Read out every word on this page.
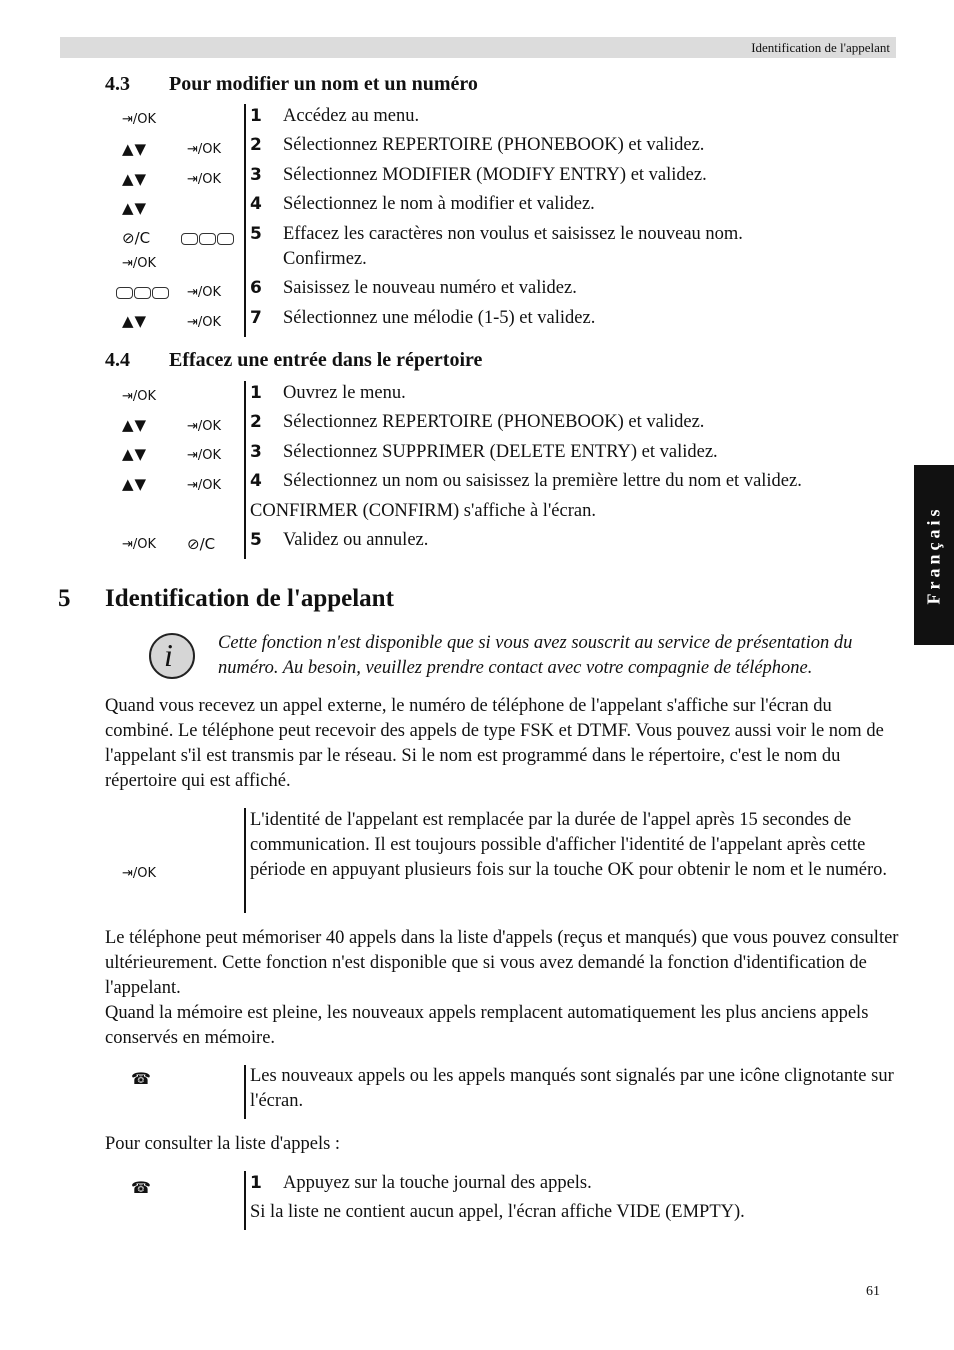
Identification de l'appelant
Français
4.3 Pour modifier un nom et un numéro
⇥/OK
▲▼	⇥/OK
▲▼	⇥/OK
▲▼
⊘/C
⇥/OK
⇥/OK
▲▼	⇥/OK
1 Accédez au menu.
2 Sélectionnez REPERTOIRE (PHONEBOOK) et validez.
3 Sélectionnez MODIFIER (MODIFY ENTRY) et validez.
4 Sélectionnez le nom à modifier et validez.
5 Effacez les caractères non voulus et saisissez le nouveau nom.
Confirmez.
6 Saisissez le nouveau numéro et validez.
7 Sélectionnez une mélodie (1-5) et validez.
4.4 Effacez une entrée dans le répertoire
⇥/OK
▲▼	⇥/OK
▲▼	⇥/OK
▲▼	⇥/OK
⇥/OK ⊘/C
1 Ouvrez le menu.
2 Sélectionnez REPERTOIRE (PHONEBOOK) et validez.
3 Sélectionnez SUPPRIMER (DELETE ENTRY) et validez.
4 Sélectionnez un nom ou saisissez la première lettre du nom et validez.
CONFIRMER (CONFIRM) s'affiche à l'écran.
5 Validez ou annulez.
5 Identification de l'appelant
i Cette fonction n'est disponible que si vous avez souscrit au service de présentation du numéro. Au besoin, veuillez prendre contact avec votre compagnie de téléphone.
Quand vous recevez un appel externe, le numéro de téléphone de l'appelant s'affiche sur l'écran du combiné. Le téléphone peut recevoir des appels de type FSK et DTMF. Vous pouvez aussi voir le nom de l'appelant s'il est transmis par le réseau. Si le nom est programmé dans le répertoire, c'est le nom du répertoire qui est affiché.
⇥/OK
L'identité de l'appelant est remplacée par la durée de l'appel après 15 secondes de communication. Il est toujours possible d'afficher l'identité de l'appelant après cette période en appuyant plusieurs fois sur la touche OK pour obtenir le nom et le numéro.
Le téléphone peut mémoriser 40 appels dans la liste d'appels (reçus et manqués) que vous pouvez consulter ultérieurement. Cette fonction n'est disponible que si vous avez demandé la fonction d'identification de l'appelant.
Quand la mémoire est pleine, les nouveaux appels remplacent automatiquement les plus anciens appels conservés en mémoire.
☎	Les nouveaux appels ou les appels manqués sont signalés par une icône clignotante sur l'écran.
Pour consulter la liste d'appels :
☎	1 Appuyez sur la touche journal des appels.
Si la liste ne contient aucun appel, l'écran affiche VIDE (EMPTY).
61
